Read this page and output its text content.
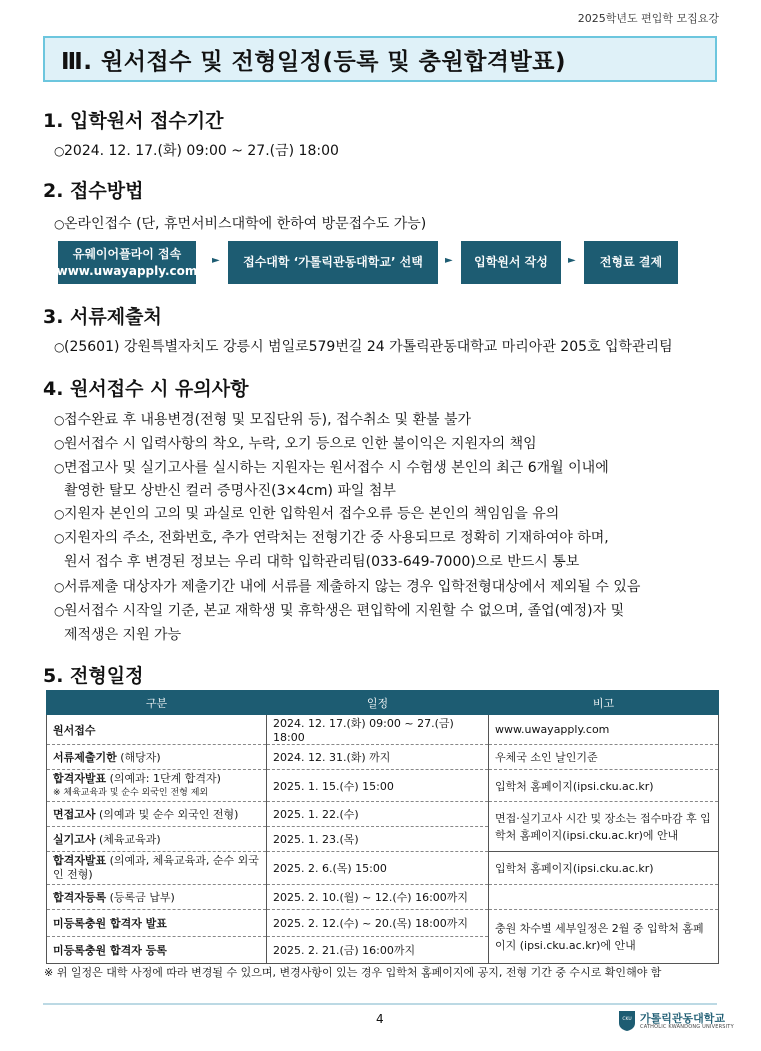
2025학년도 편입학 모집요강
Ⅲ. 원서접수 및 전형일정(등록 및 충원합격발표)
1. 입학원서 접수기간
○2024. 12. 17.(화) 09:00 ~ 27.(금) 18:00
2. 접수방법
○온라인접수 (단, 휴먼서비스대학에 한하여 방문접수도 가능)
유웨이어플라이 접속
(www.uwayapply.com)
► 접수대학 ‘가톨릭관동대학교’ 선택 ► 입학원서 작성 ► 전형료 결제
3. 서류제출처
○(25601) 강원특별자치도 강릉시 범일로579번길 24 가톨릭관동대학교 마리아관 205호 입학관리팀
4. 원서접수 시 유의사항
○접수완료 후 내용변경(전형 및 모집단위 등), 접수취소 및 환불 불가
○원서접수 시 입력사항의 착오, 누락, 오기 등으로 인한 불이익은 지원자의 책임
○면접고사 및 실기고사를 실시하는 지원자는 원서접수 시 수험생 본인의 최근 6개월 이내에
촬영한 탈모 상반신 컬러 증명사진(3×4cm) 파일 첨부
○지원자 본인의 고의 및 과실로 인한 입학원서 접수오류 등은 본인의 책임임을 유의
○지원자의 주소, 전화번호, 추가 연락처는 전형기간 중 사용되므로 정확히 기재하여야 하며,
원서 접수 후 변경된 정보는 우리 대학 입학관리팀(033-649-7000)으로 반드시 통보
○서류제출 대상자가 제출기간 내에 서류를 제출하지 않는 경우 입학전형대상에서 제외될 수 있음
○원서접수 시작일 기준, 본교 재학생 및 휴학생은 편입학에 지원할 수 없으며, 졸업(예정)자 및
제적생은 지원 가능
5. 전형일정
구분	일정	비고
원서접수	2024. 12. 17.(화) 09:00 ~ 27.(금) 18:00	www.uwayapply.com
서류제출기한 (해당자)	2024. 12. 31.(화) 까지	우체국 소인 날인기준
합격자발표 (의예과: 1단계 합격자)
※ 체육교육과 및 순수 외국인 전형 제외	2025. 1. 15.(수) 15:00	입학처 홈페이지(ipsi.cku.ac.kr)
면접고사 (의예과 및 순수 외국인 전형)	2025. 1. 22.(수)	면접·실기고사 시간 및 장소는 접수마감 후 입학처 홈페이지(ipsi.cku.ac.kr)에 안내
실기고사 (체육교육과)	2025. 1. 23.(목)	
합격자발표 (의예과, 체육교육과, 순수 외국인 전형)	2025. 2. 6.(목) 15:00	입학처 홈페이지(ipsi.cku.ac.kr)
합격자등록 (등록금 납부)	2025. 2. 10.(월) ~ 12.(수) 16:00까지	
미등록충원 합격자 발표	2025. 2. 12.(수) ~ 20.(목) 18:00까지	충원 차수별 세부일정은 2월 중 입학처 홈페이지 (ipsi.cku.ac.kr)에 안내
미등록충원 합격자 등록	2025. 2. 21.(금) 16:00까지	
※ 위 일정은 대학 사정에 따라 변경될 수 있으며, 변경사항이 있는 경우 입학처 홈페이지에 공지, 전형 기간 중 수시로 확인해야 함
4	CKU 가톨릭관동대학교
CATHOLIC KWANDONG UNIVERSITY
